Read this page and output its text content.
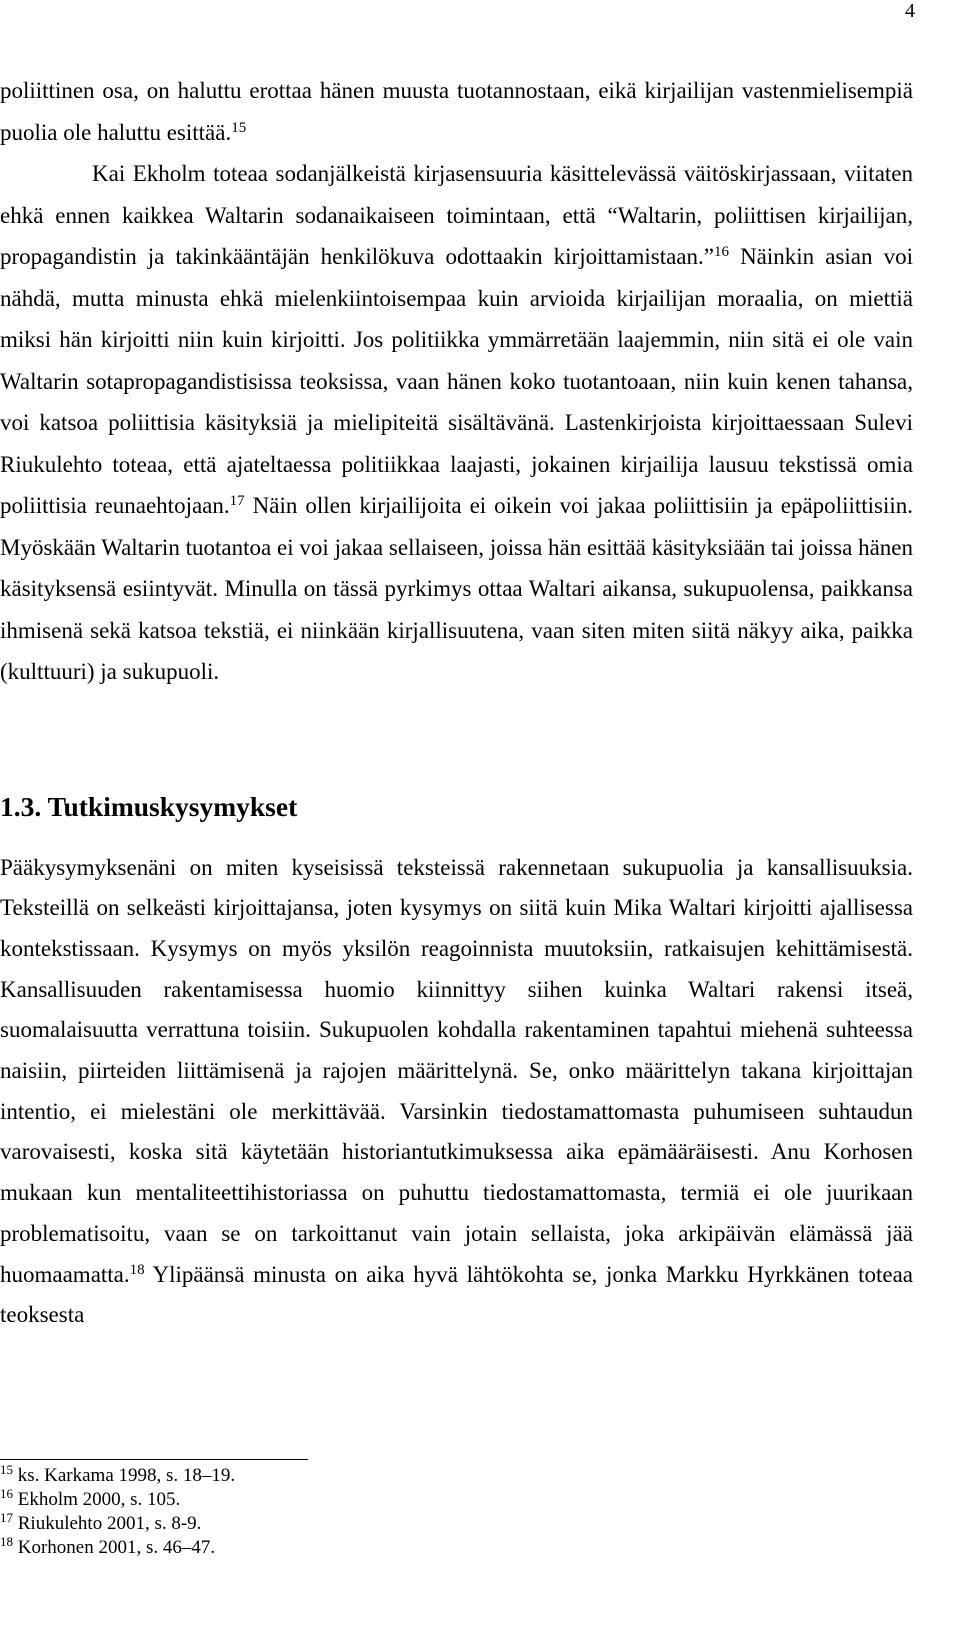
4

poliittinen osa, on haluttu erottaa hänen muusta tuotannostaan, eikä kirjailijan vastenmielisempiä puolia ole haluttu esittää.$^{15}$

Kai Ekholm toteaa sodanjälkeistä kirjasensuuria käsittelevässä väitöskirjassaan, viitaten ehkä ennen kaikkea Waltarin sodanaikaiseen toimintaan, että “Waltarin, poliittisen kirjailijan, propagandistin ja takinkääntäjän henkilökuva odottaakin kirjoittamistaan.”$^{16}$ Näinkin asian voi nähdä, mutta minusta ehkä mielenkiintoisempaa kuin arvioida kirjailijan moraalia, on miettiä miksi hän kirjoitti niin kuin kirjoitti. Jos politiikka ymmärretään laajemmin, niin sitä ei ole vain Waltarin sotapropagandistisissa teoksissa, vaan hänen koko tuotantoaan, niin kuin kenen tahansa, voi katsoa poliittisia käsityksiä ja mielipiteitä sisältävänä. Lastenkirjoista kirjoittaessaan Sulevi Riukulehto toteaa, että ajateltaessa politiikkaa laajasti, jokainen kirjailija lausuu tekstissä omia poliittisia reunaehtojaan.$^{17}$ Näin ollen kirjailijoita ei oikein voi jakaa poliittisiin ja epäpoliittisiin. Myöskään Waltarin tuotantoa ei voi jakaa sellaiseen, joissa hän esittää käsityksiään tai joissa hänen käsityksensä esiintyvät. Minulla on tässä pyrkimys ottaa Waltari aikansa, sukupuolensa, paikkansa ihmisenä sekä katsoa tekstiä, ei niinkään kirjallisuutena, vaan siten miten siitä näkyy aika, paikka (kulttuuri) ja sukupuoli.

1.3. Tutkimuskysymykset

Pääkysymyksenäni on miten kyseisissä teksteissä rakennetaan sukupuolia ja kansallisuuksia. Teksteillä on selkeästi kirjoittajansa, joten kysymys on siitä kuin Mika Waltari kirjoitti ajallisessa kontekstissaan. Kysymys on myös yksilön reagoinnista muutoksiin, ratkaisujen kehittämisestä. Kansallisuuden rakentamisessa huomio kiinnittyy siihen kuinka Waltari rakensi itseä, suomalaisuutta verrattuna toisiin. Sukupuolen kohdalla rakentaminen tapahtui miehenä suhteessa naisiin, piirteiden liittämisenä ja rajojen määrittelynä. Se, onko määrittelyn takana kirjoittajan intentio, ei mielestäni ole merkittävää. Varsinkin tiedostamattomasta puhumiseen suhtaudun varovaisesti, koska sitä käytetään historiantutkimuksessa aika epämääräisesti. Anu Korhosen mukaan kun mentaliteettihistoriassa on puhuttu tiedostamattomasta, termiä ei ole juurikaan problematisoitu, vaan se on tarkoittanut vain jotain sellaista, joka arkipäivän elämässä jää huomaamatta.$^{18}$ Ylipäänsä minusta on aika hyvä lähtökohta se, jonka Markku Hyrkkänen toteaa teoksesta

$^{15}$ ks. Karkama 1998, s. 18–19.
$^{16}$ Ekholm 2000, s. 105.
$^{17}$ Riukulehto 2001, s. 8-9.
$^{18}$ Korhonen 2001, s. 46–47.
